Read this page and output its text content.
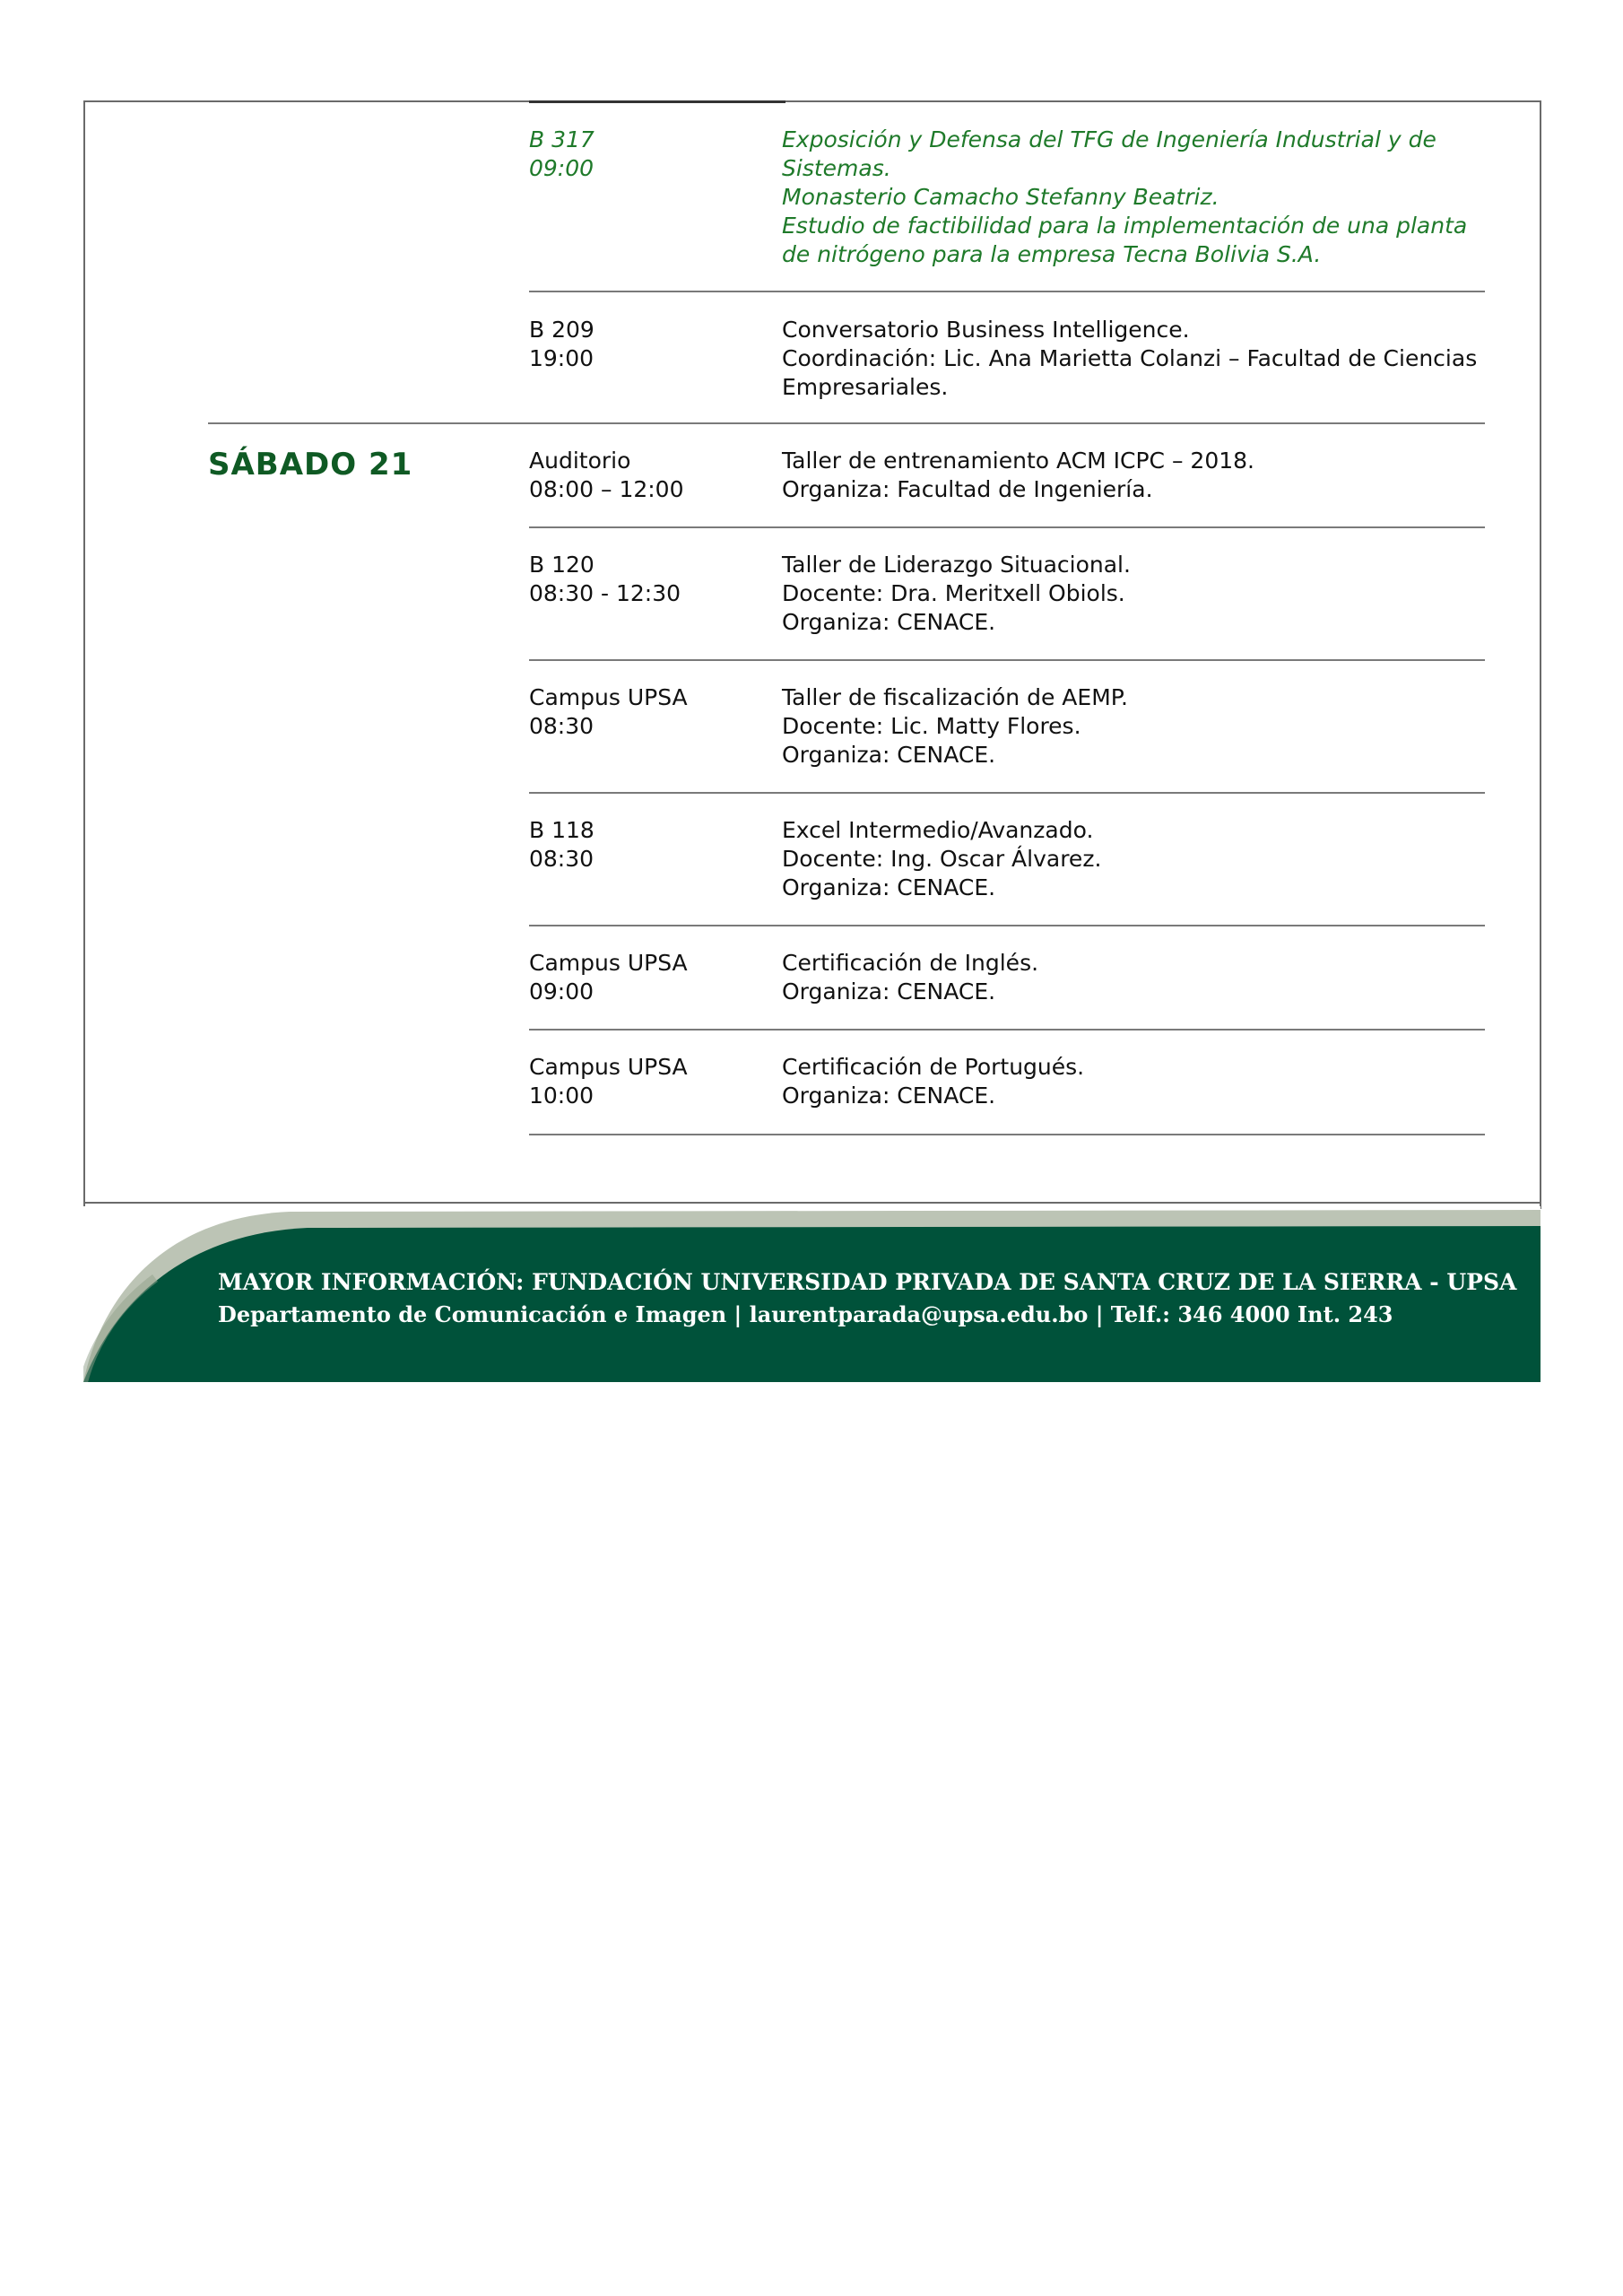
B 317
09:00
Exposición y Defensa del TFG de Ingeniería Industrial y de
Sistemas.
Monasterio Camacho Stefanny Beatriz.
Estudio de factibilidad para la implementación de una planta
de nitrógeno para la empresa Tecna Bolivia S.A.
B 209
19:00
Conversatorio Business Intelligence.
Coordinación: Lic. Ana Marietta Colanzi – Facultad de Ciencias
Empresariales.
SÁBADO 21	Auditorio
08:00 – 12:00
Taller de entrenamiento ACM ICPC – 2018.
Organiza: Facultad de Ingeniería.
B 120
08:30 - 12:30
Taller de Liderazgo Situacional.
Docente: Dra. Meritxell Obiols.
Organiza: CENACE.
Campus UPSA
08:30
Taller de fiscalización de AEMP.
Docente: Lic. Matty Flores.
Organiza: CENACE.
B 118
08:30
Excel Intermedio/Avanzado.
Docente: Ing. Oscar Álvarez.
Organiza: CENACE.
Campus UPSA
09:00
Certificación de Inglés.
Organiza: CENACE.
Campus UPSA
10:00
Certificación de Portugués.
Organiza: CENACE.
MAYOR INFORMACIÓN: FUNDACIÓN UNIVERSIDAD PRIVADA DE SANTA CRUZ DE LA SIERRA - UPSA
Departamento de Comunicación e Imagen | laurentparada@upsa.edu.bo | Telf.: 346 4000 Int. 243
